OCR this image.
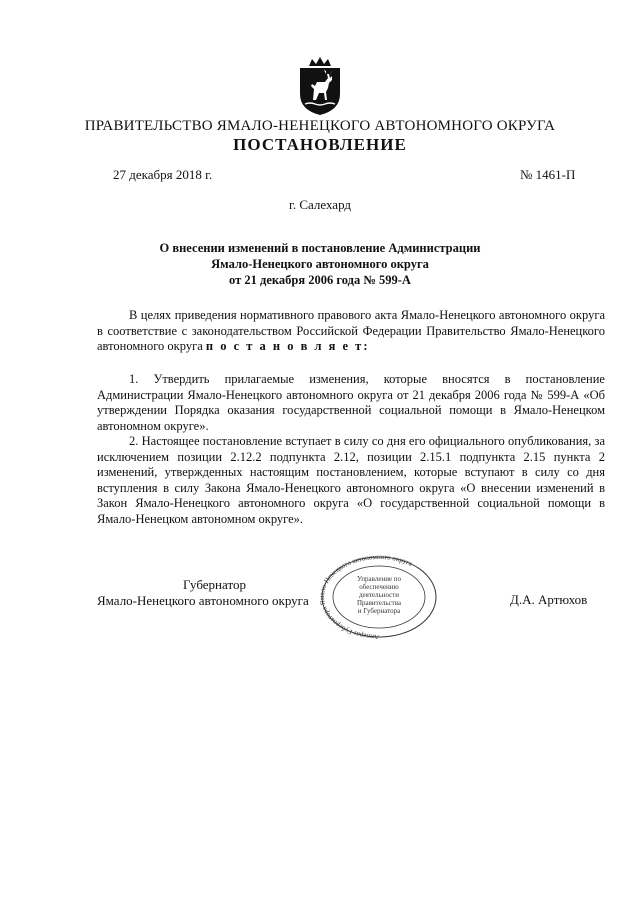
ПРАВИТЕЛЬСТВО ЯМАЛО-НЕНЕЦКОГО АВТОНОМНОГО ОКРУГА
ПОСТАНОВЛЕНИЕ
27 декабря 2018 г.	№ 1461-П
г. Салехард
О внесении изменений в постановление Администрации
Ямало-Ненецкого автономного округа
от 21 декабря 2006 года № 599-А

В целях приведения нормативного правового акта Ямало-Ненецкого автономного округа в соответствие с законодательством Российской Федерации Правительство Ямало-Ненецкого автономного округа п о с т а н о в л я е т:

1. Утвердить прилагаемые изменения, которые вносятся в постановление Администрации Ямало-Ненецкого автономного округа от 21 декабря 2006 года № 599-А «Об утверждении Порядка оказания государственной социальной помощи в Ямало-Ненецком автономном округе».

2. Настоящее постановление вступает в силу со дня его официального опубликования, за исключением позиции 2.12.2 подпункта 2.12, позиции 2.15.1 подпункта 2.15 пункта 2 изменений, утвержденных настоящим постановлением, которые вступают в силу со дня вступления в силу Закона Ямало-Ненецкого автономного округа «О внесении изменений в Закон Ямало-Ненецкого автономного округа «О государственной социальной помощи в Ямало-Ненецком автономном округе».

Губернатор
Ямало-Ненецкого автономного округа	Д.А. Артюхов
Аппарат Губернатора о-Ненецкого автономного округа
Управление по
обеспечению
деятельности
Правительства
и Губернатора
